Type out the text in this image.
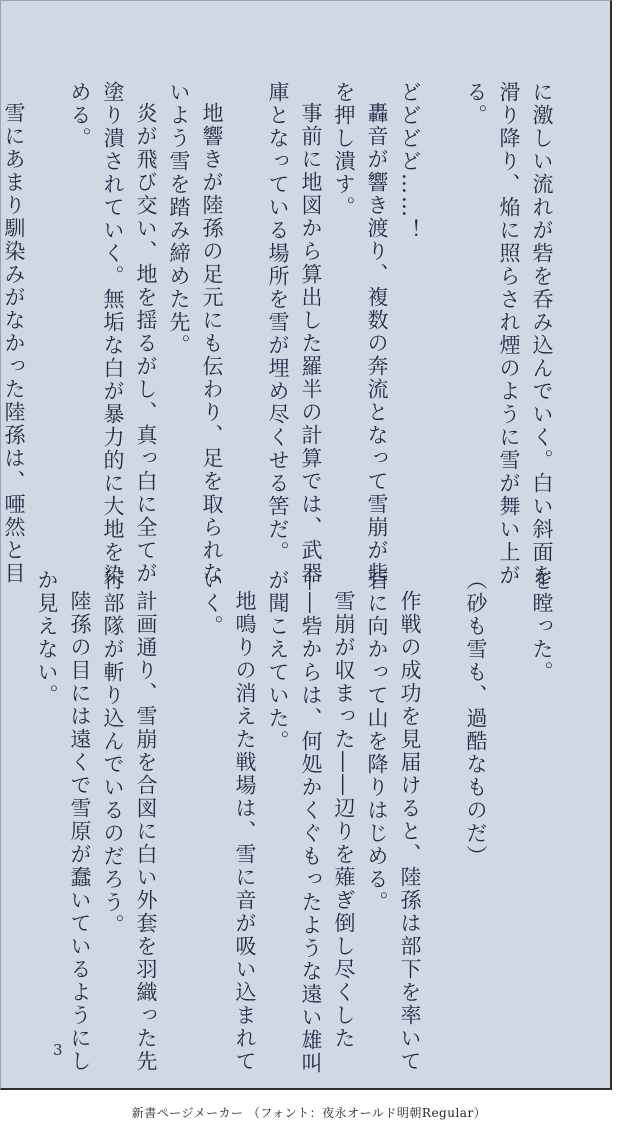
に激しい流れが砦を呑み込んでいく。白い斜面を
滑り降り、焔に照らされ煙のように雪が舞い上が
る。

どどどど……！
轟音が響き渡り、複数の奔流となって雪崩が砦
を押し潰す。
事前に地図から算出した羅半の計算では、武器
庫となっている場所を雪が埋め尽くせる筈だ。

地響きが陸孫の足元にも伝わり、足を取られな
いよう雪を踏み締めた先。
炎が飛び交い、地を揺るがし、真っ白に全てが
塗り潰されていく。無垢な白が暴力的に大地を染
める。

雪にあまり馴染みがなかった陸孫は、唖然と目
を瞠った。

（砂も雪も、過酷なものだ）

作戦の成功を見届けると、陸孫は部下を率いて
砦に向かって山を降りはじめる。
雪崩が収まった――辺りを薙ぎ倒し尽くした
――砦からは、何処かくぐもったような遠い雄叫
が聞こえていた。
地鳴りの消えた戦場は、雪に音が吸い込まれて
いく。

計画通り、雪崩を合図に白い外套を羽織った先
行部隊が斬り込んでいるのだろう。
陸孫の目には遠くで雪原が蠢いているようにし
か見えない。

3
新書ページメーカー （フォント：夜永オールド明朝Regular）
